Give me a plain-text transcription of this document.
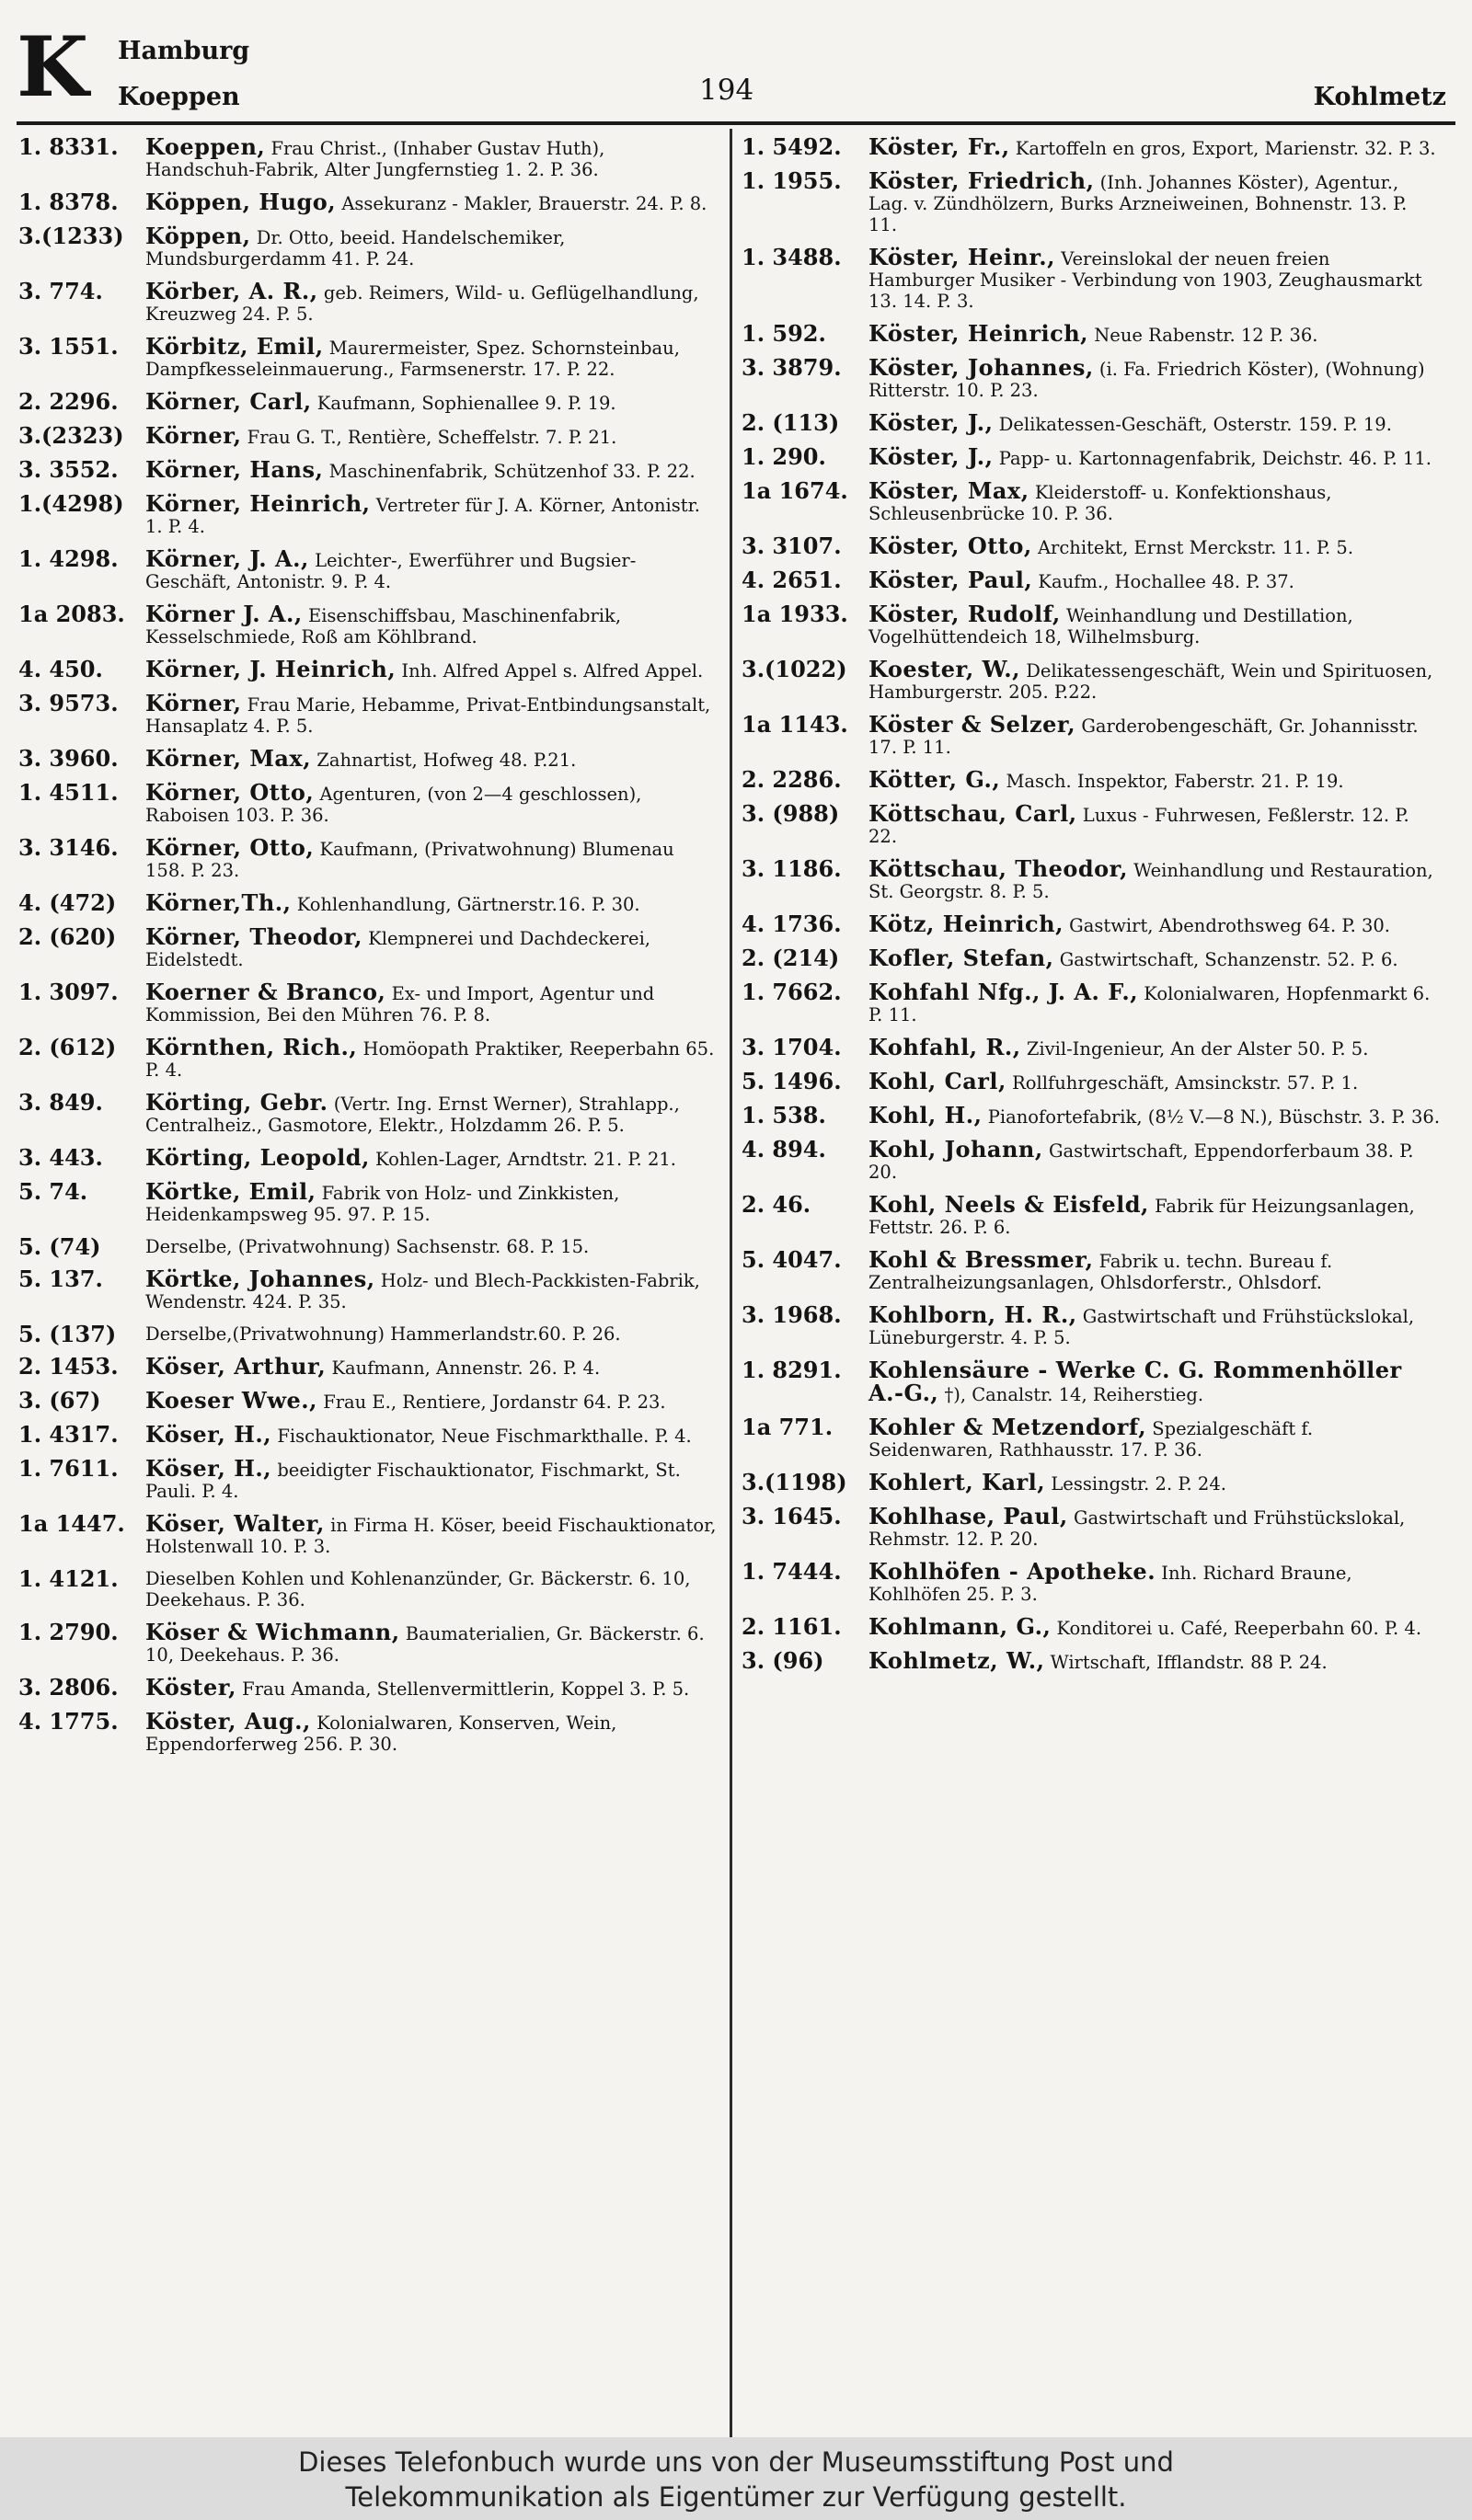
K Hamburg
Koeppen	194	Kohlmetz
1. 8331.	Koeppen, Frau Christ., (Inhaber Gustav Huth), Handschuh-Fabrik, Alter Jungfernstieg 1. 2. P. 36.
1. 8378.	Köppen, Hugo, Assekuranz - Makler, Brauerstr. 24. P. 8.
3.(1233) Köppen, Dr. Otto, beeid. Handelschemiker, Mundsburgerdamm 41. P. 24.
3. 774.	Körber, A. R., geb. Reimers, Wild- u. Geflügelhandlung, Kreuzweg 24. P. 5.
3. 1551.	Körbitz, Emil, Maurermeister, Spez. Schornsteinbau, Dampfkesseleinmauerung., Farmsenerstr. 17. P. 22.
2. 2296.	Körner, Carl, Kaufmann, Sophienallee 9. P. 19.
3.(2323) Körner, Frau G. T., Rentière, Scheffelstr. 7. P. 21.
3. 3552.	Körner, Hans, Maschinenfabrik, Schützenhof 33. P. 22.
1.(4298) Körner, Heinrich, Vertreter für J. A. Körner, Antonistr. 1. P. 4.
1. 4298.	Körner, J. A., Leichter-, Ewerführer und Bugsier-Geschäft, Antonistr. 9. P. 4.
1a 2083. Körner J. A., Eisenschiffsbau, Maschinenfabrik, Kesselschmiede, Roß am Köhlbrand.
4. 450.	Körner, J. Heinrich, Inh. Alfred Appel s. Alfred Appel.
3. 9573.	Körner, Frau Marie, Hebamme, Privat-Entbindungsanstalt, Hansaplatz 4. P. 5.
3. 3960.	Körner, Max, Zahnartist, Hofweg 48. P.21.
1. 4511.	Körner, Otto, Agenturen, (von 2—4 geschlossen), Raboisen 103. P. 36.
3. 3146.	Körner, Otto, Kaufmann, (Privatwohnung) Blumenau 158. P. 23.
4. (472)	Körner,Th., Kohlenhandlung, Gärtnerstr.16. P. 30.
2. (620)	Körner, Theodor, Klempnerei und Dachdeckerei, Eidelstedt.
1. 3097.	Koerner & Branco, Ex- und Import, Agentur und Kommission, Bei den Mühren 76. P. 8.
2. (612)	Körnthen, Rich., Homöopath Praktiker, Reeperbahn 65. P. 4.
3. 849.	Körting, Gebr. (Vertr. Ing. Ernst Werner), Strahlapp., Centralheiz., Gasmotore, Elektr., Holzdamm 26. P. 5.
3. 443.	Körting, Leopold, Kohlen-Lager, Arndtstr. 21. P. 21.
5. 74.	Körtke, Emil, Fabrik von Holz- und Zinkkisten, Heidenkampsweg 95. 97. P. 15.
5. (74)	Derselbe, (Privatwohnung) Sachsenstr. 68. P. 15.
5. 137.	Körtke, Johannes, Holz- und Blech-Packkisten-Fabrik, Wendenstr. 424. P. 35.
5. (137)	Derselbe,(Privatwohnung) Hammerlandstr.60. P. 26.
2. 1453.	Köser, Arthur, Kaufmann, Annenstr. 26. P. 4.
3. (67)	Koeser Wwe., Frau E., Rentiere, Jordanstr 64. P. 23.
1. 4317.	Köser, H., Fischauktionator, Neue Fischmarkthalle. P. 4.
1. 7611.	Köser, H., beeidigter Fischauktionator, Fischmarkt, St. Pauli. P. 4.
1a 1447. Köser, Walter, in Firma H. Köser, beeid Fischauktionator, Holstenwall 10. P. 3.
1. 4121.	Dieselben Kohlen und Kohlenanzünder, Gr. Bäckerstr. 6. 10, Deekehaus. P. 36.
1. 2790.	Köser & Wichmann, Baumaterialien, Gr. Bäckerstr. 6. 10, Deekehaus. P. 36.
3. 2806.	Köster, Frau Amanda, Stellenvermittlerin, Koppel 3. P. 5.
4. 1775.	Köster, Aug., Kolonialwaren, Konserven, Wein, Eppendorferweg 256. P. 30.
1. 5492.	Köster, Fr., Kartoffeln en gros, Export, Marienstr. 32. P. 3.
1. 1955.	Köster, Friedrich, (Inh. Johannes Köster), Agentur., Lag. v. Zündhölzern, Burks Arzneiweinen, Bohnenstr. 13. P. 11.
1. 3488.	Köster, Heinr., Vereinslokal der neuen freien Hamburger Musiker - Verbindung von 1903, Zeughausmarkt 13. 14. P. 3.
1. 592.	Köster, Heinrich, Neue Rabenstr. 12 P. 36.
3. 3879.	Köster, Johannes, (i. Fa. Friedrich Köster), (Wohnung) Ritterstr. 10. P. 23.
2. (113)	Köster, J., Delikatessen-Geschäft, Osterstr. 159. P. 19.
1. 290.	Köster, J., Papp- u. Kartonnagenfabrik, Deichstr. 46. P. 11.
1a 1674. Köster, Max, Kleiderstoff- u. Konfektionshaus, Schleusenbrücke 10. P. 36.
3. 3107.	Köster, Otto, Architekt, Ernst Merckstr. 11. P. 5.
4. 2651.	Köster, Paul, Kaufm., Hochallee 48. P. 37.
1a 1933. Köster, Rudolf, Weinhandlung und Destillation, Vogelhüttendeich 18, Wilhelmsburg.
3.(1022) Koester, W., Delikatessengeschäft, Wein und Spirituosen, Hamburgerstr. 205. P.22.
1a 1143. Köster & Selzer, Garderobengeschäft, Gr. Johannisstr. 17. P. 11.
2. 2286.	Kötter, G., Masch. Inspektor, Faberstr. 21. P. 19.
3. (988)	Köttschau, Carl, Luxus - Fuhrwesen, Feßlerstr. 12. P. 22.
3. 1186.	Köttschau, Theodor, Weinhandlung und Restauration, St. Georgstr. 8. P. 5.
4. 1736.	Kötz, Heinrich, Gastwirt, Abendrothsweg 64. P. 30.
2. (214)	Kofler, Stefan, Gastwirtschaft, Schanzenstr. 52. P. 6.
1. 7662.	Kohfahl Nfg., J. A. F., Kolonialwaren, Hopfenmarkt 6. P. 11.
3. 1704.	Kohfahl, R., Zivil-Ingenieur, An der Alster 50. P. 5.
5. 1496.	Kohl, Carl, Rollfuhrgeschäft, Amsinckstr. 57. P. 1.
1. 538.	Kohl, H., Pianofortefabrik, (8½ V.—8 N.), Büschstr. 3. P. 36.
4. 894.	Kohl, Johann, Gastwirtschaft, Eppendorferbaum 38. P. 20.
2. 46.	Kohl, Neels & Eisfeld, Fabrik für Heizungsanlagen, Fettstr. 26. P. 6.
5. 4047.	Kohl & Bressmer, Fabrik u. techn. Bureau f. Zentralheizungsanlagen, Ohlsdorferstr., Ohlsdorf.
3. 1968.	Kohlborn, H. R., Gastwirtschaft und Frühstückslokal, Lüneburgerstr. 4. P. 5.
1. 8291.	Kohlensäure - Werke C. G. Rommenhöller A.-G., †), Canalstr. 14, Reiherstieg.
1a 771.	Kohler & Metzendorf, Spezialgeschäft f. Seidenwaren, Rathhausstr. 17. P. 36.
3.(1198) Kohlert, Karl, Lessingstr. 2. P. 24.
3. 1645.	Kohlhase, Paul, Gastwirtschaft und Frühstückslokal, Rehmstr. 12. P. 20.
1. 7444.	Kohlhöfen - Apotheke. Inh. Richard Braune, Kohlhöfen 25. P. 3.
2. 1161.	Kohlmann, G., Konditorei u. Café, Reeperbahn 60. P. 4.
3. (96)	Kohlmetz, W., Wirtschaft, Ifflandstr. 88 P. 24.
Dieses Telefonbuch wurde uns von der Museumsstiftung Post und
Telekommunikation als Eigentümer zur Verfügung gestellt.
